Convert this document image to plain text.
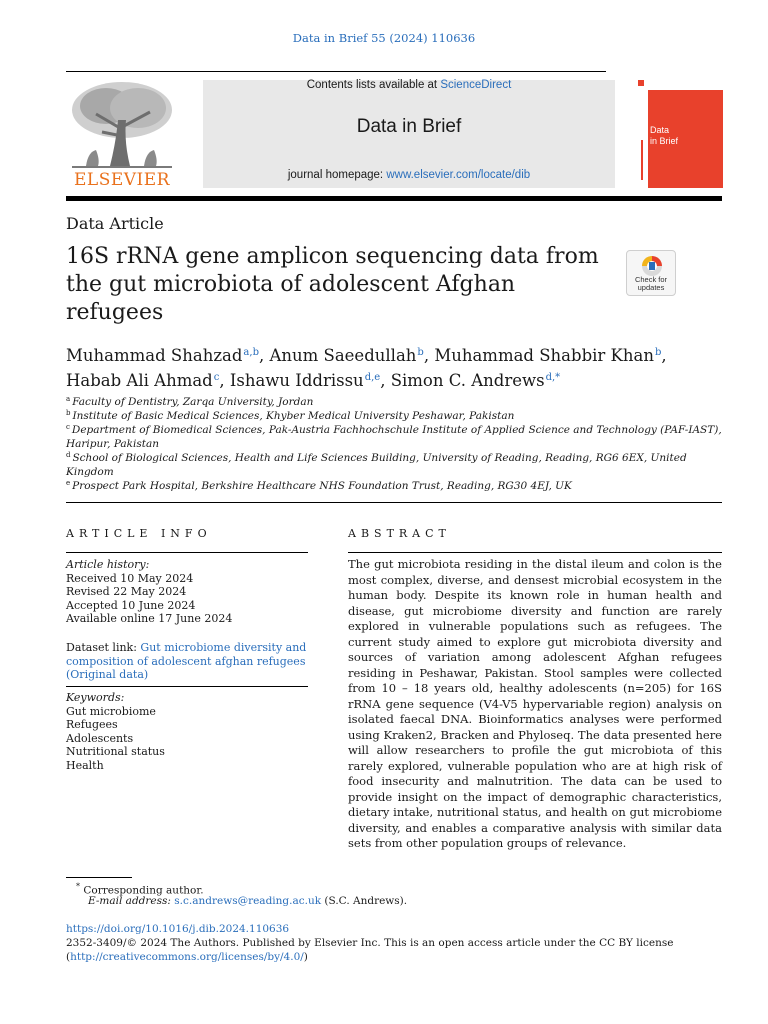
Data in Brief 55 (2024) 110636
ELSEVIER
Contents lists available at ScienceDirect
Data in Brief
journal homepage: www.elsevier.com/locate/dib
Data
in Brief
Data Article
16S rRNA gene amplicon sequencing data from the gut microbiota of adolescent Afghan refugees
Check for
updates
Muhammad Shahzad$^{a,b}$, Anum Saeedullah$^b$, Muhammad Shabbir Khan$^b$, Habab Ali Ahmad$^c$, Ishawu Iddrissu$^{d,e}$, Simon C. Andrews$^{d,*}$
$^a$ Faculty of Dentistry, Zarqa University, Jordan
$^b$ Institute of Basic Medical Sciences, Khyber Medical University Peshawar, Pakistan
$^c$ Department of Biomedical Sciences, Pak-Austria Fachhochschule Institute of Applied Science and Technology (PAF-IAST), Haripur, Pakistan
$^d$ School of Biological Sciences, Health and Life Sciences Building, University of Reading, Reading, RG6 6EX, United Kingdom
$^e$ Prospect Park Hospital, Berkshire Healthcare NHS Foundation Trust, Reading, RG30 4EJ, UK
ARTICLE INFO
Article history:
Received 10 May 2024
Revised 22 May 2024
Accepted 10 June 2024
Available online 17 June 2024
Dataset link: Gut microbiome diversity and composition of adolescent afghan refugees (Original data)
Keywords:
Gut microbiome
Refugees
Adolescents
Nutritional status
Health
ABSTRACT
The gut microbiota residing in the distal ileum and colon is the most complex, diverse, and densest microbial ecosystem in the human body. Despite its known role in human health and disease, gut microbiome diversity and function are rarely explored in vulnerable populations such as refugees. The current study aimed to explore gut microbiota diversity and sources of variation among adolescent Afghan refugees residing in Peshawar, Pakistan. Stool samples were collected from 10 – 18 years old, healthy adolescents (n=205) for 16S rRNA gene sequence (V4-V5 hypervariable region) analysis on isolated faecal DNA. Bioinformatics analyses were performed using Kraken2, Bracken and Phyloseq. The data presented here will allow researchers to profile the gut microbiota of this rarely explored, vulnerable population who are at high risk of food insecurity and malnutrition. The data can be used to provide insight on the impact of demographic characteristics, dietary intake, nutritional status, and health on gut microbiome diversity, and enables a comparative analysis with similar data sets from other population groups of relevance.
* Corresponding author.
E-mail address: s.c.andrews@reading.ac.uk (S.C. Andrews).
https://doi.org/10.1016/j.dib.2024.110636
2352-3409/© 2024 The Authors. Published by Elsevier Inc. This is an open access article under the CC BY license
(http://creativecommons.org/licenses/by/4.0/)
